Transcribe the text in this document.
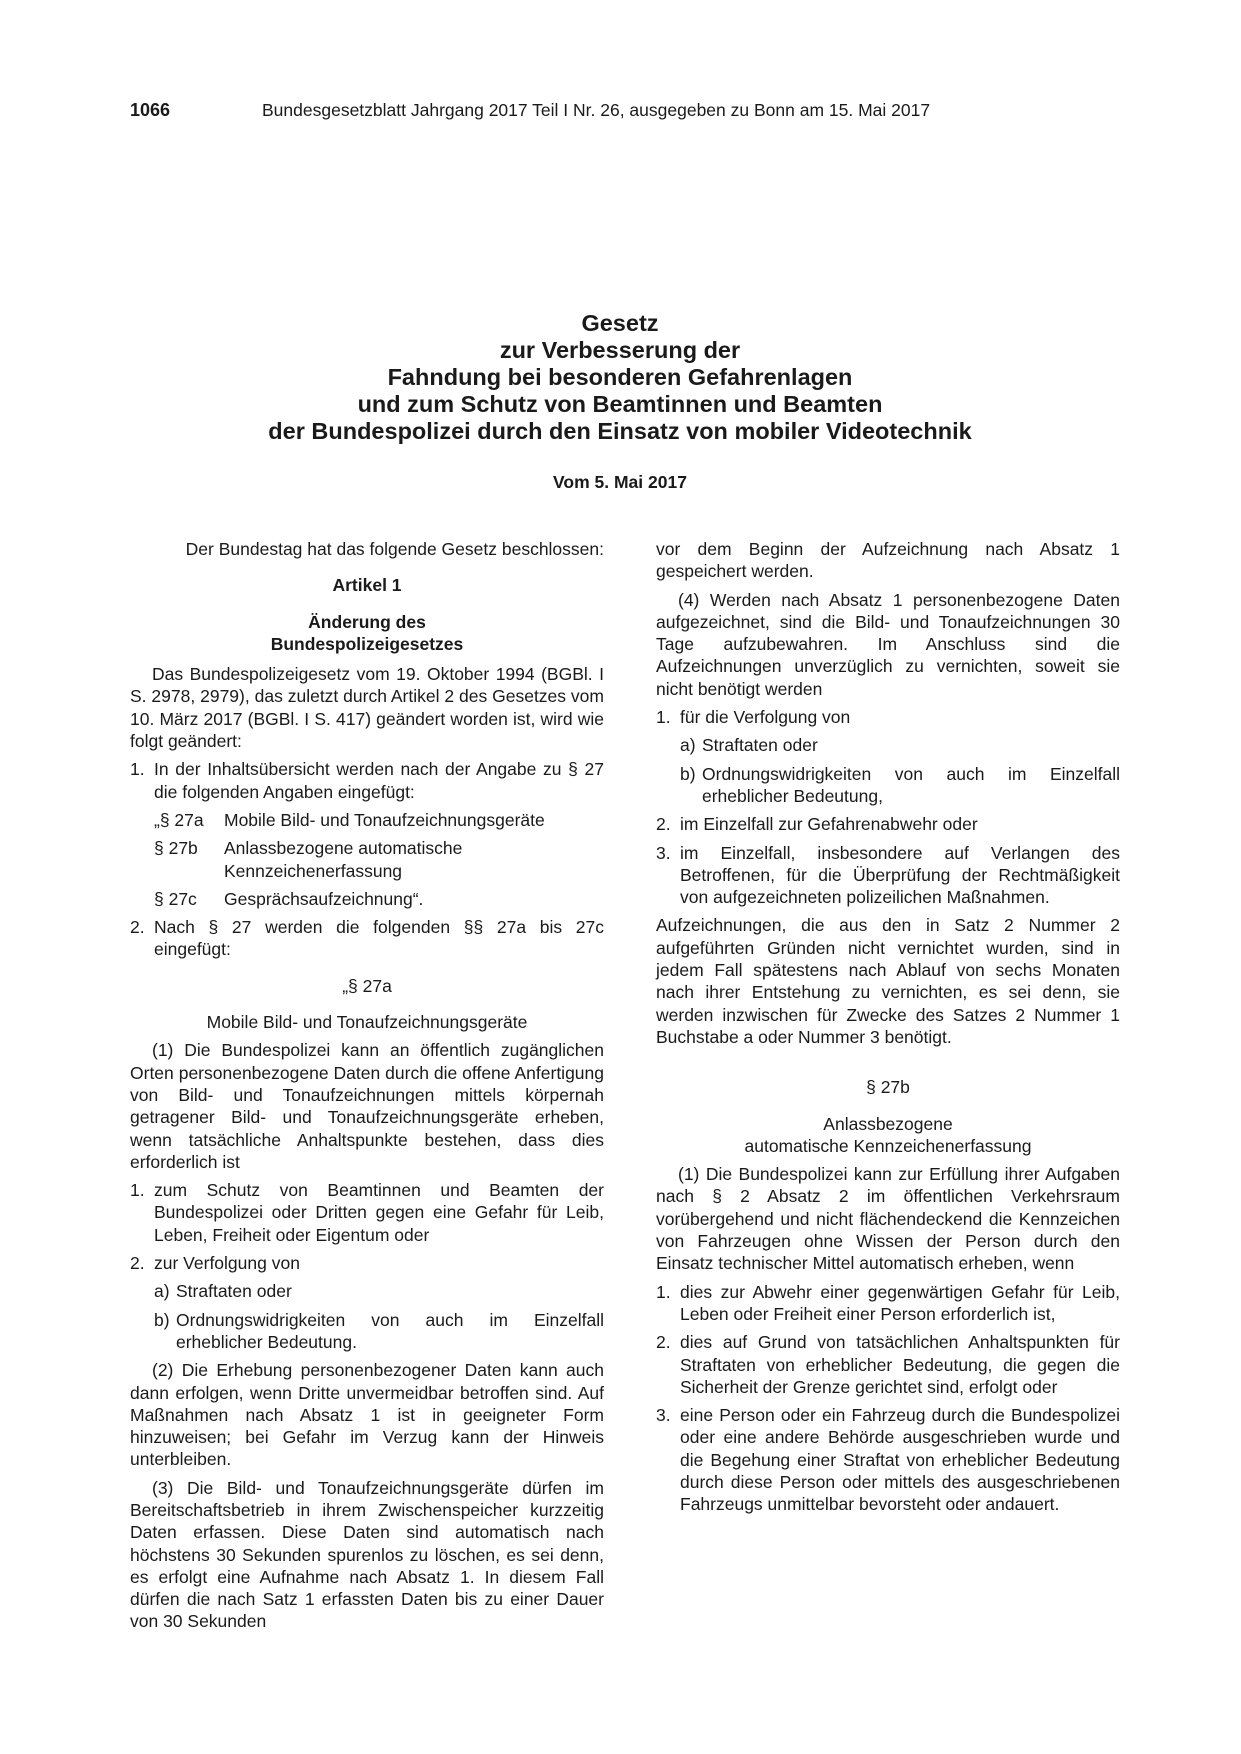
1066	Bundesgesetzblatt Jahrgang 2017 Teil I Nr. 26, ausgegeben zu Bonn am 15. Mai 2017
Gesetz
zur Verbesserung der
Fahndung bei besonderen Gefahrenlagen
und zum Schutz von Beamtinnen und Beamten
der Bundespolizei durch den Einsatz von mobiler Videotechnik
Vom 5. Mai 2017

Der Bundestag hat das folgende Gesetz beschlossen:

Artikel 1

Änderung des

Bundespolizeigesetzes

Das Bundespolizeigesetz vom 19. Oktober 1994 (BGBl. I S. 2978, 2979), das zuletzt durch Artikel 2 des Gesetzes vom 10. März 2017 (BGBl. I S. 417) geändert worden ist, wird wie folgt geändert:

1. In der Inhaltsübersicht werden nach der Angabe zu § 27 die folgenden Angaben eingefügt:
„§ 27a	Mobile Bild- und Tonaufzeichnungsgeräte
§ 27b	Anlassbezogene automatische Kennzeichenerfassung
§ 27c	Gesprächsaufzeichnung“.
2. Nach § 27 werden die folgenden §§ 27a bis 27c eingefügt:

„§ 27a

Mobile Bild- und Tonaufzeichnungsgeräte

(1) Die Bundespolizei kann an öffentlich zugänglichen Orten personenbezogene Daten durch die offene Anfertigung von Bild- und Tonaufzeichnungen mittels körpernah getragener Bild- und Tonaufzeichnungsgeräte erheben, wenn tatsächliche Anhaltspunkte bestehen, dass dies erforderlich ist

1. zum Schutz von Beamtinnen und Beamten der Bundespolizei oder Dritten gegen eine Gefahr für Leib, Leben, Freiheit oder Eigentum oder
2. zur Verfolgung von
a) Straftaten oder
b) Ordnungswidrigkeiten von auch im Einzelfall erheblicher Bedeutung.

(2) Die Erhebung personenbezogener Daten kann auch dann erfolgen, wenn Dritte unvermeidbar betroffen sind. Auf Maßnahmen nach Absatz 1 ist in geeigneter Form hinzuweisen; bei Gefahr im Verzug kann der Hinweis unterbleiben.

(3) Die Bild- und Tonaufzeichnungsgeräte dürfen im Bereitschaftsbetrieb in ihrem Zwischenspeicher kurzzeitig Daten erfassen. Diese Daten sind automatisch nach höchstens 30 Sekunden spurenlos zu löschen, es sei denn, es erfolgt eine Aufnahme nach Absatz 1. In diesem Fall dürfen die nach Satz 1 erfassten Daten bis zu einer Dauer von 30 Sekunden

vor dem Beginn der Aufzeichnung nach Absatz 1 gespeichert werden.

(4) Werden nach Absatz 1 personenbezogene Daten aufgezeichnet, sind die Bild- und Tonaufzeichnungen 30 Tage aufzubewahren. Im Anschluss sind die Aufzeichnungen unverzüglich zu vernichten, soweit sie nicht benötigt werden

1. für die Verfolgung von
a) Straftaten oder
b) Ordnungswidrigkeiten von auch im Einzelfall erheblicher Bedeutung,
2. im Einzelfall zur Gefahrenabwehr oder
3. im Einzelfall, insbesondere auf Verlangen des Betroffenen, für die Überprüfung der Rechtmäßigkeit von aufgezeichneten polizeilichen Maßnahmen.

Aufzeichnungen, die aus den in Satz 2 Nummer 2 aufgeführten Gründen nicht vernichtet wurden, sind in jedem Fall spätestens nach Ablauf von sechs Monaten nach ihrer Entstehung zu vernichten, es sei denn, sie werden inzwischen für Zwecke des Satzes 2 Nummer 1 Buchstabe a oder Nummer 3 benötigt.

§ 27b

Anlassbezogene

automatische Kennzeichenerfassung

(1) Die Bundespolizei kann zur Erfüllung ihrer Aufgaben nach § 2 Absatz 2 im öffentlichen Verkehrsraum vorübergehend und nicht flächendeckend die Kennzeichen von Fahrzeugen ohne Wissen der Person durch den Einsatz technischer Mittel automatisch erheben, wenn

1. dies zur Abwehr einer gegenwärtigen Gefahr für Leib, Leben oder Freiheit einer Person erforderlich ist,
2. dies auf Grund von tatsächlichen Anhaltspunkten für Straftaten von erheblicher Bedeutung, die gegen die Sicherheit der Grenze gerichtet sind, erfolgt oder
3. eine Person oder ein Fahrzeug durch die Bundespolizei oder eine andere Behörde ausgeschrieben wurde und die Begehung einer Straftat von erheblicher Bedeutung durch diese Person oder mittels des ausgeschriebenen Fahrzeugs unmittelbar bevorsteht oder andauert.
